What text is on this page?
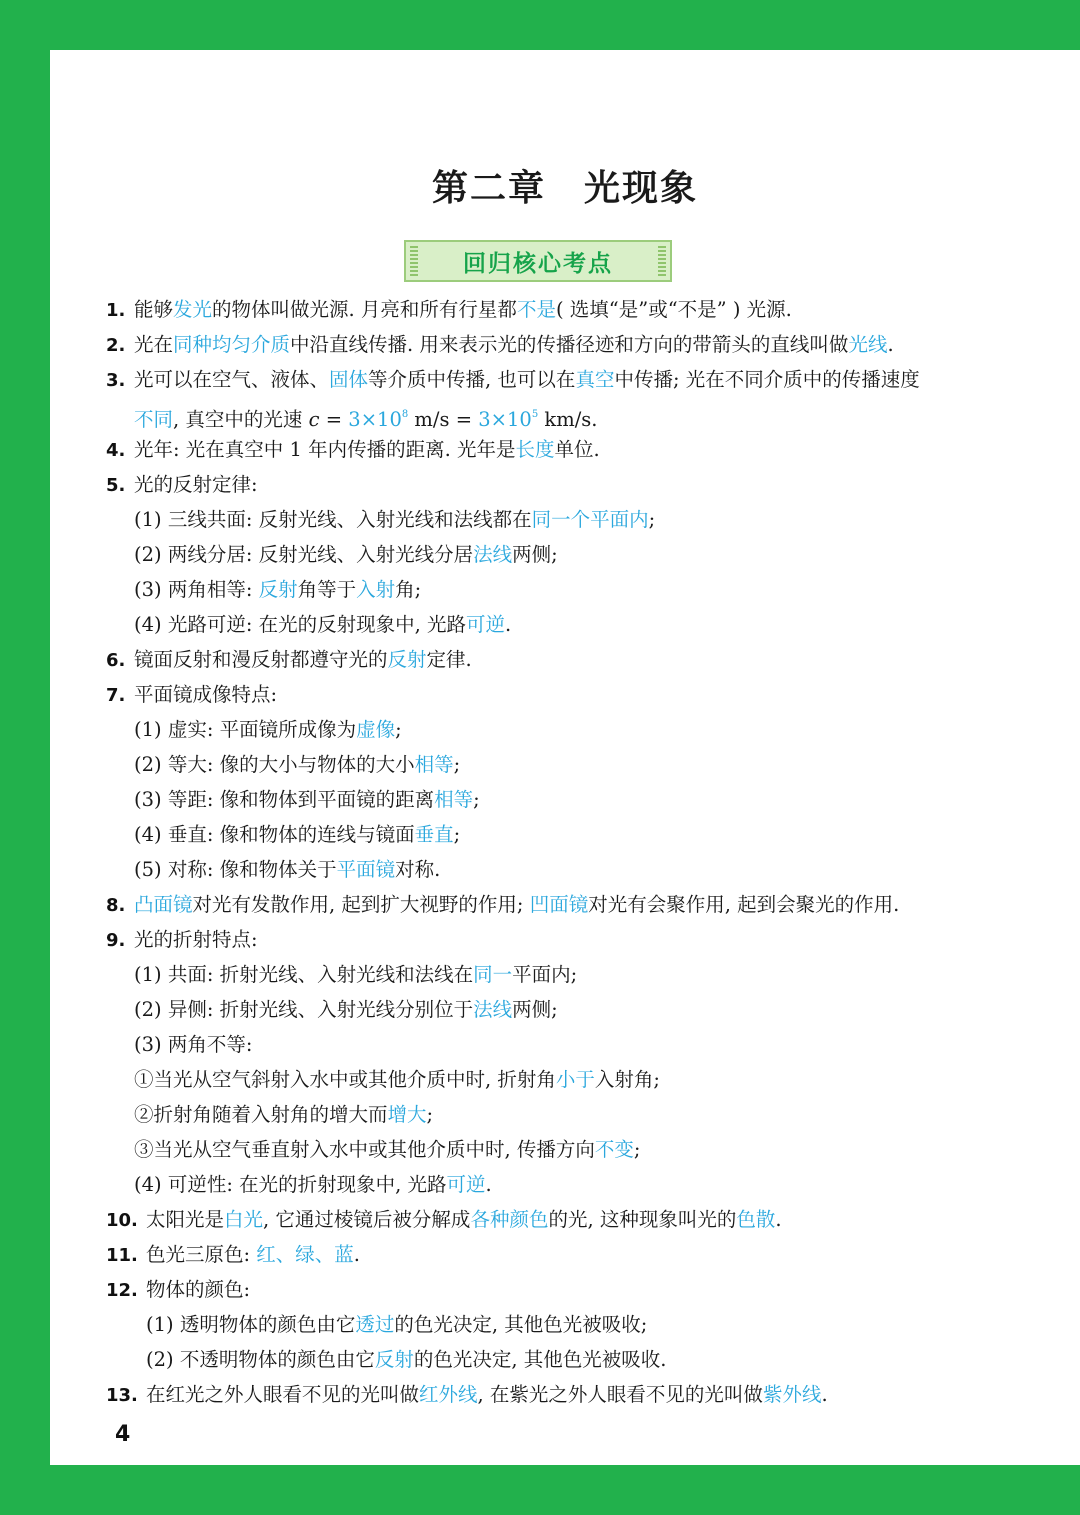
第二章　光现象
回归核心考点
1. 能够发光的物体叫做光源. 月亮和所有行星都不是( 选填“是”或“不是” ) 光源.
2. 光在同种均匀介质中沿直线传播. 用来表示光的传播径迹和方向的带箭头的直线叫做光线.
3. 光可以在空气、液体、固体等介质中传播, 也可以在真空中传播; 光在不同介质中的传播速度
不同, 真空中的光速 $c = 3\times 10^8$ $m/s = 3\times 10^5$ km/s.
4. 光年: 光在真空中 1 年内传播的距离. 光年是长度单位.
5. 光的反射定律:
(1) 三线共面: 反射光线、入射光线和法线都在同一个平面内;
(2) 两线分居: 反射光线、入射光线分居法线两侧;
(3) 两角相等: 反射角等于入射角;
(4) 光路可逆: 在光的反射现象中, 光路可逆.
6. 镜面反射和漫反射都遵守光的反射定律.
7. 平面镜成像特点:
(1) 虚实: 平面镜所成像为虚像;
(2) 等大: 像的大小与物体的大小相等;
(3) 等距: 像和物体到平面镜的距离相等;
(4) 垂直: 像和物体的连线与镜面垂直;
(5) 对称: 像和物体关于平面镜对称.
8. 凸面镜对光有发散作用, 起到扩大视野的作用; 凹面镜对光有会聚作用, 起到会聚光的作用.
9. 光的折射特点:
(1) 共面: 折射光线、入射光线和法线在同一平面内;
(2) 异侧: 折射光线、入射光线分别位于法线两侧;
(3) 两角不等:
①当光从空气斜射入水中或其他介质中时, 折射角小于入射角;
②折射角随着入射角的增大而增大;
③当光从空气垂直射入水中或其他介质中时, 传播方向不变;
(4) 可逆性: 在光的折射现象中, 光路可逆.
10. 太阳光是白光, 它通过棱镜后被分解成各种颜色的光, 这种现象叫光的色散.
11. 色光三原色: 红、绿、蓝.
12. 物体的颜色:
(1) 透明物体的颜色由它透过的色光决定, 其他色光被吸收;
(2) 不透明物体的颜色由它反射的色光决定, 其他色光被吸收.
13. 在红光之外人眼看不见的光叫做红外线, 在紫光之外人眼看不见的光叫做紫外线.
4
